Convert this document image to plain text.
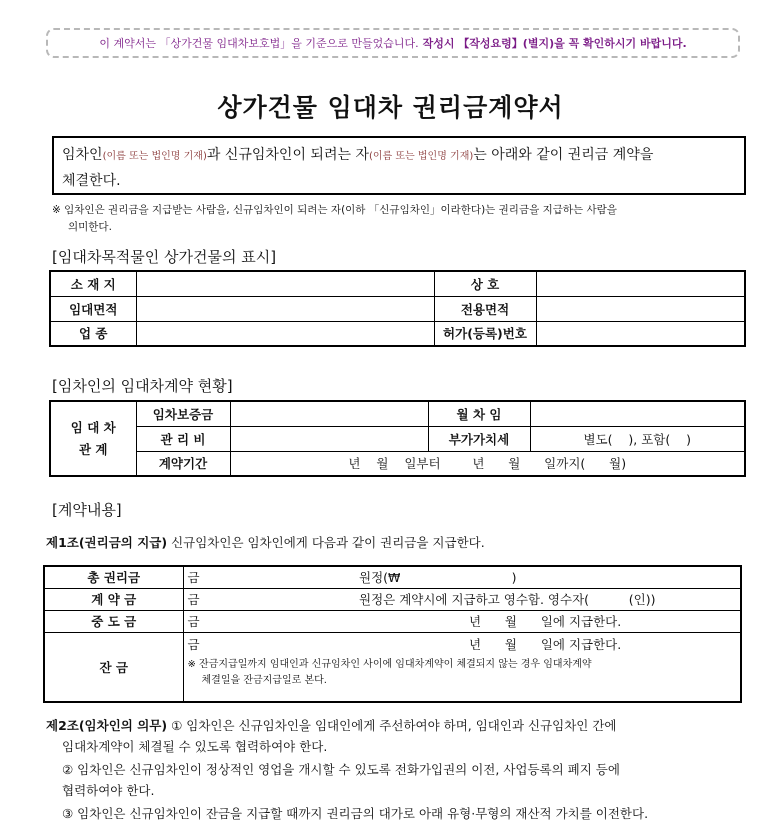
이 계약서는 「상가건물 임대차보호법」을 기준으로 만들었습니다. 작성시 【작성요령】(별지)을 꼭 확인하시기 바랍니다.
상가건물 임대차 권리금계약서
임차인(이름 또는 법인명 기재)과 신규임차인이 되려는 자(이름 또는 법인명 기재)는 아래와 같이 권리금 계약을
체결한다.
※ 임차인은 권리금을 지급받는 사람을, 신규임차인이 되려는 자(이하 「신규임차인」이라한다)는 권리금을 지급하는 사람을
의미한다.
[임대차목적물인 상가건물의 표시]
소 재 지		상 호	
임대면적		전용면적	
업 종		허가(등록)번호	
[임차인의 임대차계약 현황]
임 대 차
관 계	임차보증금		월 차 임	
	관 리 비		부가가치세	별도(    ), 포함(    )
	계약기간	년    월    일부터        년      월      일까지(      월)		
[계약내용]
제1조(권리금의 지급) 신규임차인은 임차인에게 다음과 같이 권리금을 지급한다.
총 권리금	금 원정(₩                            )

계 약 금	금 원정은 계약시에 지급하고 영수함. 영수자(          (인))

중 도 금	금 년      월      일에 지급한다.

잔 금	금 년      월      일에 지급한다.
※ 잔금지급일까지 임대인과 신규임차인 사이에 임대차계약이 체결되지 않는 경우 임대차계약
체결일을 잔금지급일로 본다.
제2조(임차인의 의무) ① 임차인은 신규임차인을 임대인에게 주선하여야 하며, 임대인과 신규임차인 간에
임대차계약이 체결될 수 있도록 협력하여야 한다.
② 임차인은 신규임차인이 정상적인 영업을 개시할 수 있도록 전화가입권의 이전, 사업등록의 폐지 등에
협력하여야 한다.
③ 임차인은 신규임차인이 잔금을 지급할 때까지 권리금의 대가로 아래 유형·무형의 재산적 가치를 이전한다.
